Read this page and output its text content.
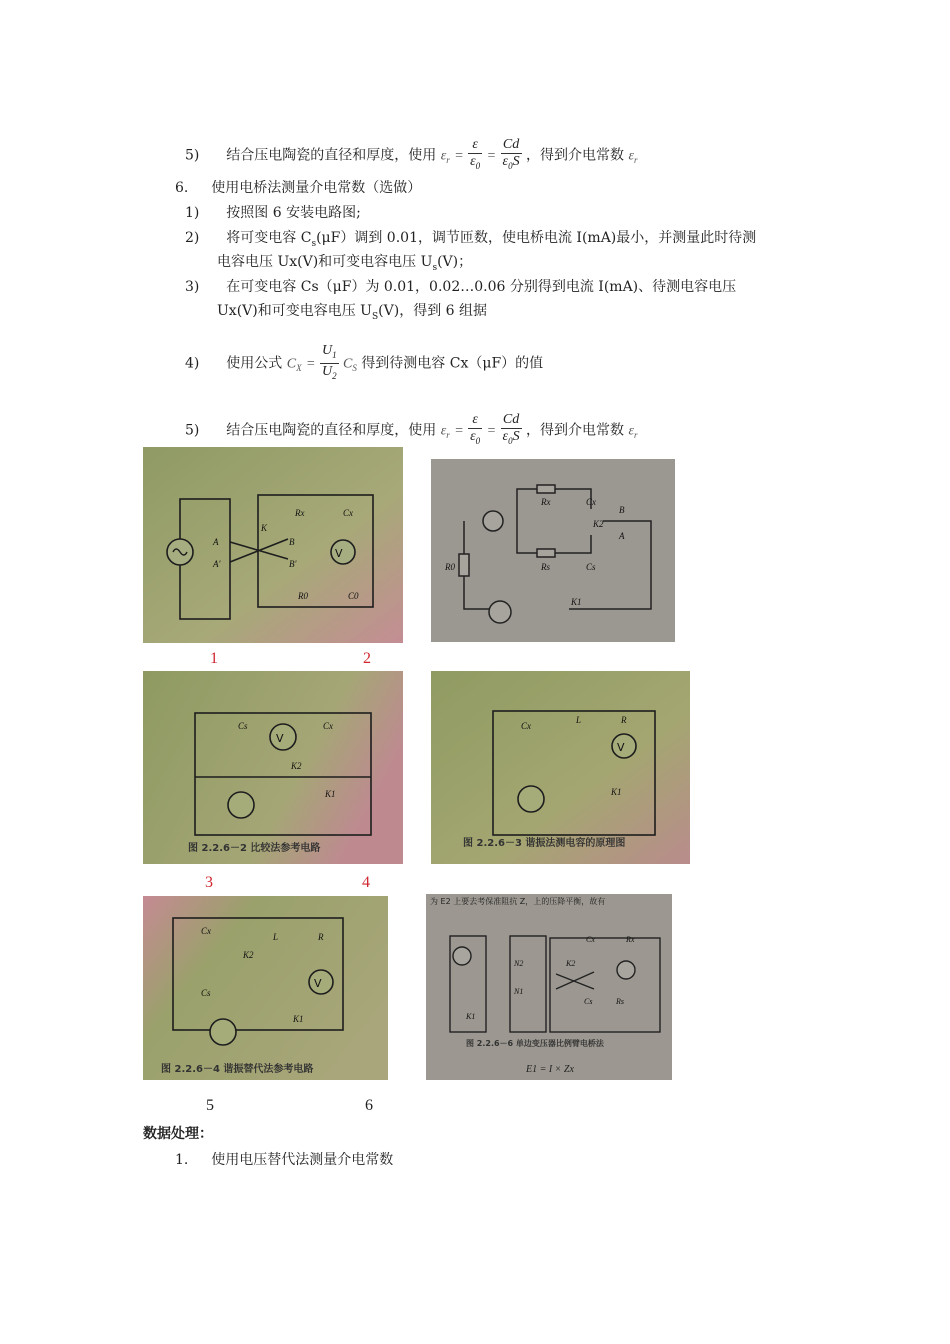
5) 结合压电陶瓷的直径和厚度，使用 $\varepsilon_r = \frac{\varepsilon}{\varepsilon_0} = \frac{Cd}{\varepsilon_0S}$ ，得到介电常数 $\varepsilon_r$
6. 使用电桥法测量介电常数（选做）
1) 按照图 6 安装电路图;
2) 将可变电容 $C_s(\mu F)$调到 0.01，调节匝数，使电桥电流 I(mA)最小，并测量此时待测
电容电压 Ux(V)和可变电容电压 $U_s(V)$；
3) 在可变电容 Cs（μF）为 0.01，0.02…0.06 分别得到电流 I(mA)、待测电容电压
Ux(V)和可变电容电压 $U_S(V)$，得到 6 组据
4) 使用公式 $C_X = \frac{U_1}{U_2} C_S$ 得到待测电容 Cx（μF）的值
5) 结合压电陶瓷的直径和厚度，使用 $\varepsilon_r = \frac{\varepsilon}{\varepsilon_0} = \frac{Cd}{\varepsilon_0S}$ ，得到介电常数 $\varepsilon_r$
V
A
A'
K
B
B'
Rx	Cx
R0	C0
Rx	Cx
K2
B
A
R0	Rs	Cs
K1
1	2
V
Cs	Cx
K2
K1
图 2.2.6－2 比较法参考电路
V
Cx
L	R
K1
图 2.2.6－3 谐振法测电容的原理图
3	4
V
Cx
K2
L	R
Cs
K1
图 2.2.6－4 谐振替代法参考电路
为 E2 上要去考保准阻抗 Z，上的压降平衡，故有
N2
N1
K1
K2
Cx	Rx
Cs	Rs
图 2.2.6－6 单边变压器比例臂电桥法
E1 = I × Zx
5	6
数据处理：
1. 使用电压替代法测量介电常数
